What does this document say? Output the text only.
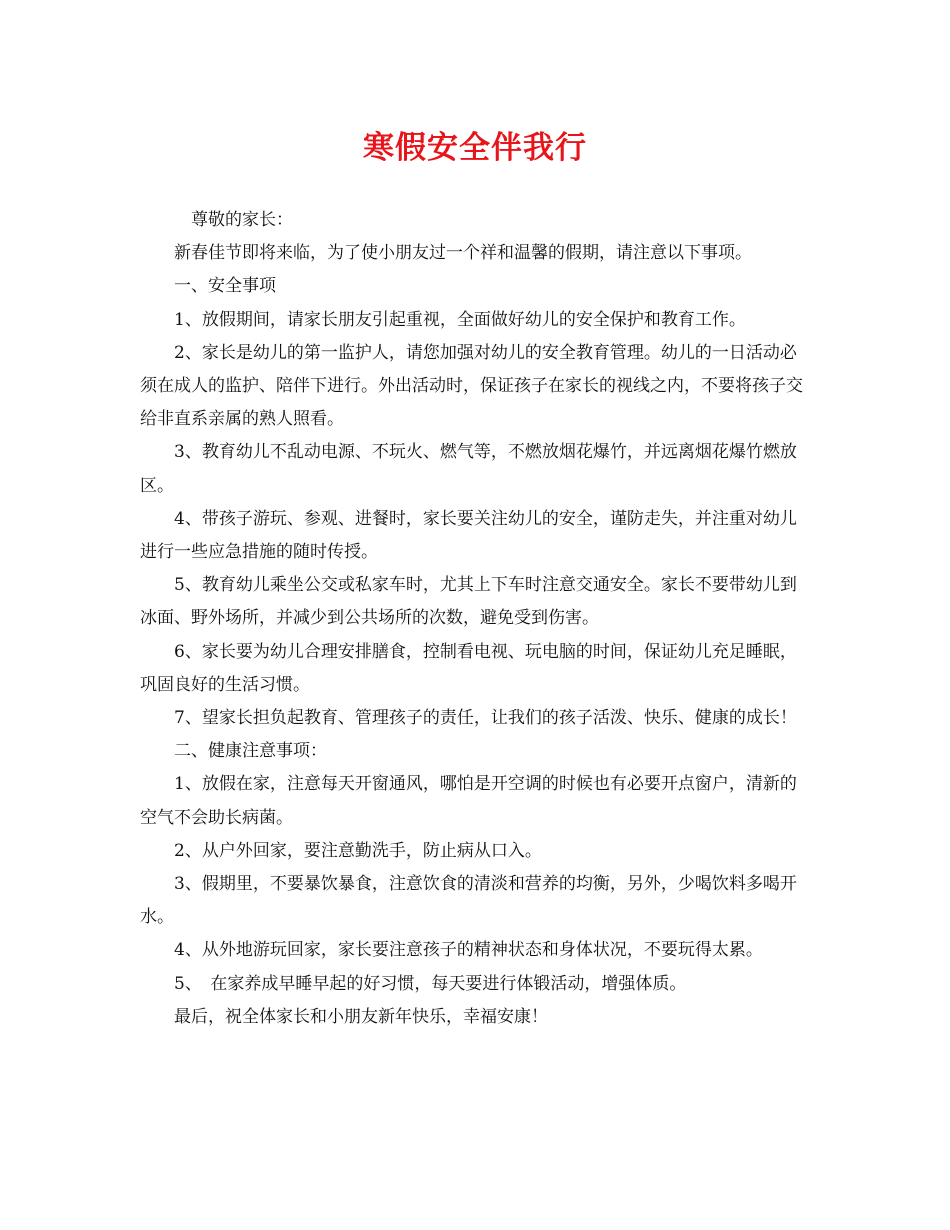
寒假安全伴我行

尊敬的家长：

新春佳节即将来临，为了使小朋友过一个祥和温馨的假期，请注意以下事项。

一、安全事项

1、放假期间，请家长朋友引起重视，全面做好幼儿的安全保护和教育工作。

2、家长是幼儿的第一监护人，请您加强对幼儿的安全教育管理。幼儿的一日活动必须在成人的监护、陪伴下进行。外出活动时，保证孩子在家长的视线之内，不要将孩子交给非直系亲属的熟人照看。

3、教育幼儿不乱动电源、不玩火、燃气等，不燃放烟花爆竹，并远离烟花爆竹燃放区。

4、带孩子游玩、参观、进餐时，家长要关注幼儿的安全，谨防走失，并注重对幼儿进行一些应急措施的随时传授。

5、教育幼儿乘坐公交或私家车时，尤其上下车时注意交通安全。家长不要带幼儿到冰面、野外场所，并减少到公共场所的次数，避免受到伤害。

6、家长要为幼儿合理安排膳食，控制看电视、玩电脑的时间，保证幼儿充足睡眠，巩固良好的生活习惯。

7、望家长担负起教育、管理孩子的责任，让我们的孩子活泼、快乐、健康的成长！

二、健康注意事项：

1、放假在家，注意每天开窗通风，哪怕是开空调的时候也有必要开点窗户，清新的空气不会助长病菌。

2、从户外回家，要注意勤洗手，防止病从口入。

3、假期里，不要暴饮暴食，注意饮食的清淡和营养的均衡，另外，少喝饮料多喝开水。

4、从外地游玩回家，家长要注意孩子的精神状态和身体状况，不要玩得太累。

5、　在家养成早睡早起的好习惯，每天要进行体锻活动，增强体质。

最后，祝全体家长和小朋友新年快乐，幸福安康！
